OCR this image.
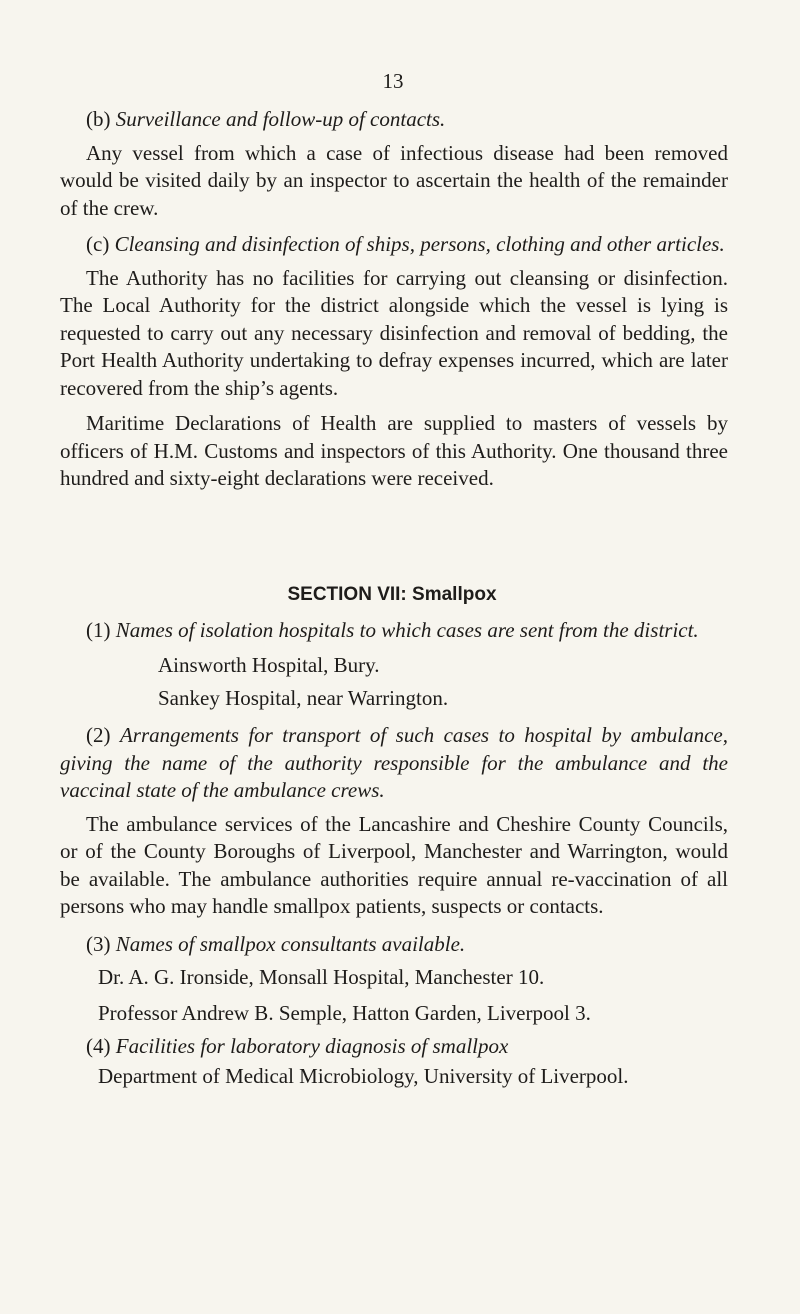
13

(b) Surveillance and follow-up of contacts.

Any vessel from which a case of infectious disease had been removed would be visited daily by an inspector to ascertain the health of the remainder of the crew.

(c) Cleansing and disinfection of ships, persons, clothing and other articles.

The Authority has no facilities for carrying out cleansing or disinfection. The Local Authority for the district alongside which the vessel is lying is requested to carry out any necessary disinfection and removal of bedding, the Port Health Authority undertaking to defray expenses incurred, which are later recovered from the ship’s agents.

Maritime Declarations of Health are supplied to masters of vessels by officers of H.M. Customs and inspectors of this Authority. One thousand three hundred and sixty-eight declarations were received.

SECTION VII: Smallpox

(1) Names of isolation hospitals to which cases are sent from the district.

Ainsworth Hospital, Bury.

Sankey Hospital, near Warrington.

(2) Arrangements for transport of such cases to hospital by ambulance, giving the name of the authority responsible for the ambulance and the vaccinal state of the ambulance crews.

The ambulance services of the Lancashire and Cheshire County Councils, or of the County Boroughs of Liverpool, Manchester and Warrington, would be available. The ambulance authorities require annual re-vaccination of all persons who may handle smallpox patients, suspects or contacts.

(3) Names of smallpox consultants available.

Dr. A. G. Ironside, Monsall Hospital, Manchester 10.

Professor Andrew B. Semple, Hatton Garden, Liverpool 3.

(4) Facilities for laboratory diagnosis of smallpox

Department of Medical Microbiology, University of Liverpool.
